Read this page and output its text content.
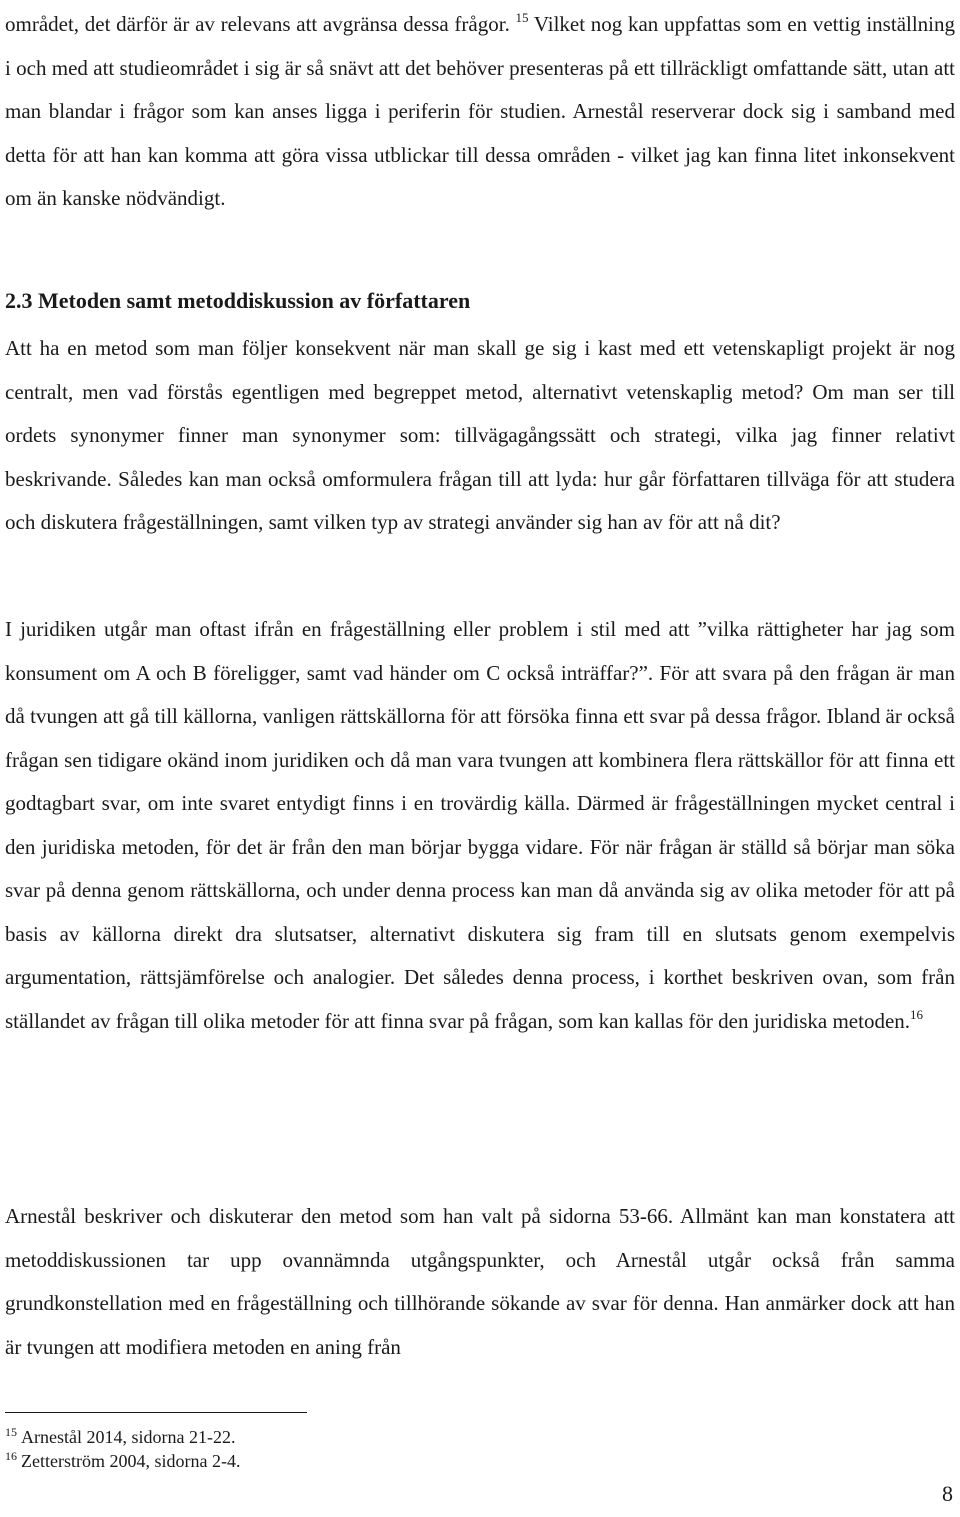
området, det därför är av relevans att avgränsa dessa frågor. $^{15}$ Vilket nog kan uppfattas som en vettig inställning i och med att studieområdet i sig är så snävt att det behöver presenteras på ett tillräckligt omfattande sätt, utan att man blandar i frågor som kan anses ligga i periferin för studien. Arnestål reserverar dock sig i samband med detta för att han kan komma att göra vissa utblickar till dessa områden - vilket jag kan finna litet inkonsekvent om än kanske nödvändigt.

2.3 Metoden samt metoddiskussion av författaren

Att ha en metod som man följer konsekvent när man skall ge sig i kast med ett vetenskapligt projekt är nog centralt, men vad förstås egentligen med begreppet metod, alternativt vetenskaplig metod? Om man ser till ordets synonymer finner man synonymer som: tillvägagångssätt och strategi, vilka jag finner relativt beskrivande. Således kan man också omformulera frågan till att lyda: hur går författaren tillväga för att studera och diskutera frågeställningen, samt vilken typ av strategi använder sig han av för att nå dit?

I juridiken utgår man oftast ifrån en frågeställning eller problem i stil med att ”vilka rättigheter har jag som konsument om A och B föreligger, samt vad händer om C också inträffar?”. För att svara på den frågan är man då tvungen att gå till källorna, vanligen rättskällorna för att försöka finna ett svar på dessa frågor. Ibland är också frågan sen tidigare okänd inom juridiken och då man vara tvungen att kombinera flera rättskällor för att finna ett godtagbart svar, om inte svaret entydigt finns i en trovärdig källa. Därmed är frågeställningen mycket central i den juridiska metoden, för det är från den man börjar bygga vidare. För när frågan är ställd så börjar man söka svar på denna genom rättskällorna, och under denna process kan man då använda sig av olika metoder för att på basis av källorna direkt dra slutsatser, alternativt diskutera sig fram till en slutsats genom exempelvis argumentation, rättsjämförelse och analogier. Det således denna process, i korthet beskriven ovan, som från ställandet av frågan till olika metoder för att finna svar på frågan, som kan kallas för den juridiska metoden.$^{16}$

Arnestål beskriver och diskuterar den metod som han valt på sidorna 53-66. Allmänt kan man konstatera att metoddiskussionen tar upp ovannämnda utgångspunkter, och Arnestål utgår också från samma grundkonstellation med en frågeställning och tillhörande sökande av svar för denna. Han anmärker dock att han är tvungen att modifiera metoden en aning från

$^{15}$ Arnestål 2014, sidorna 21-22.

$^{16}$ Zetterström 2004, sidorna 2-4.

8
